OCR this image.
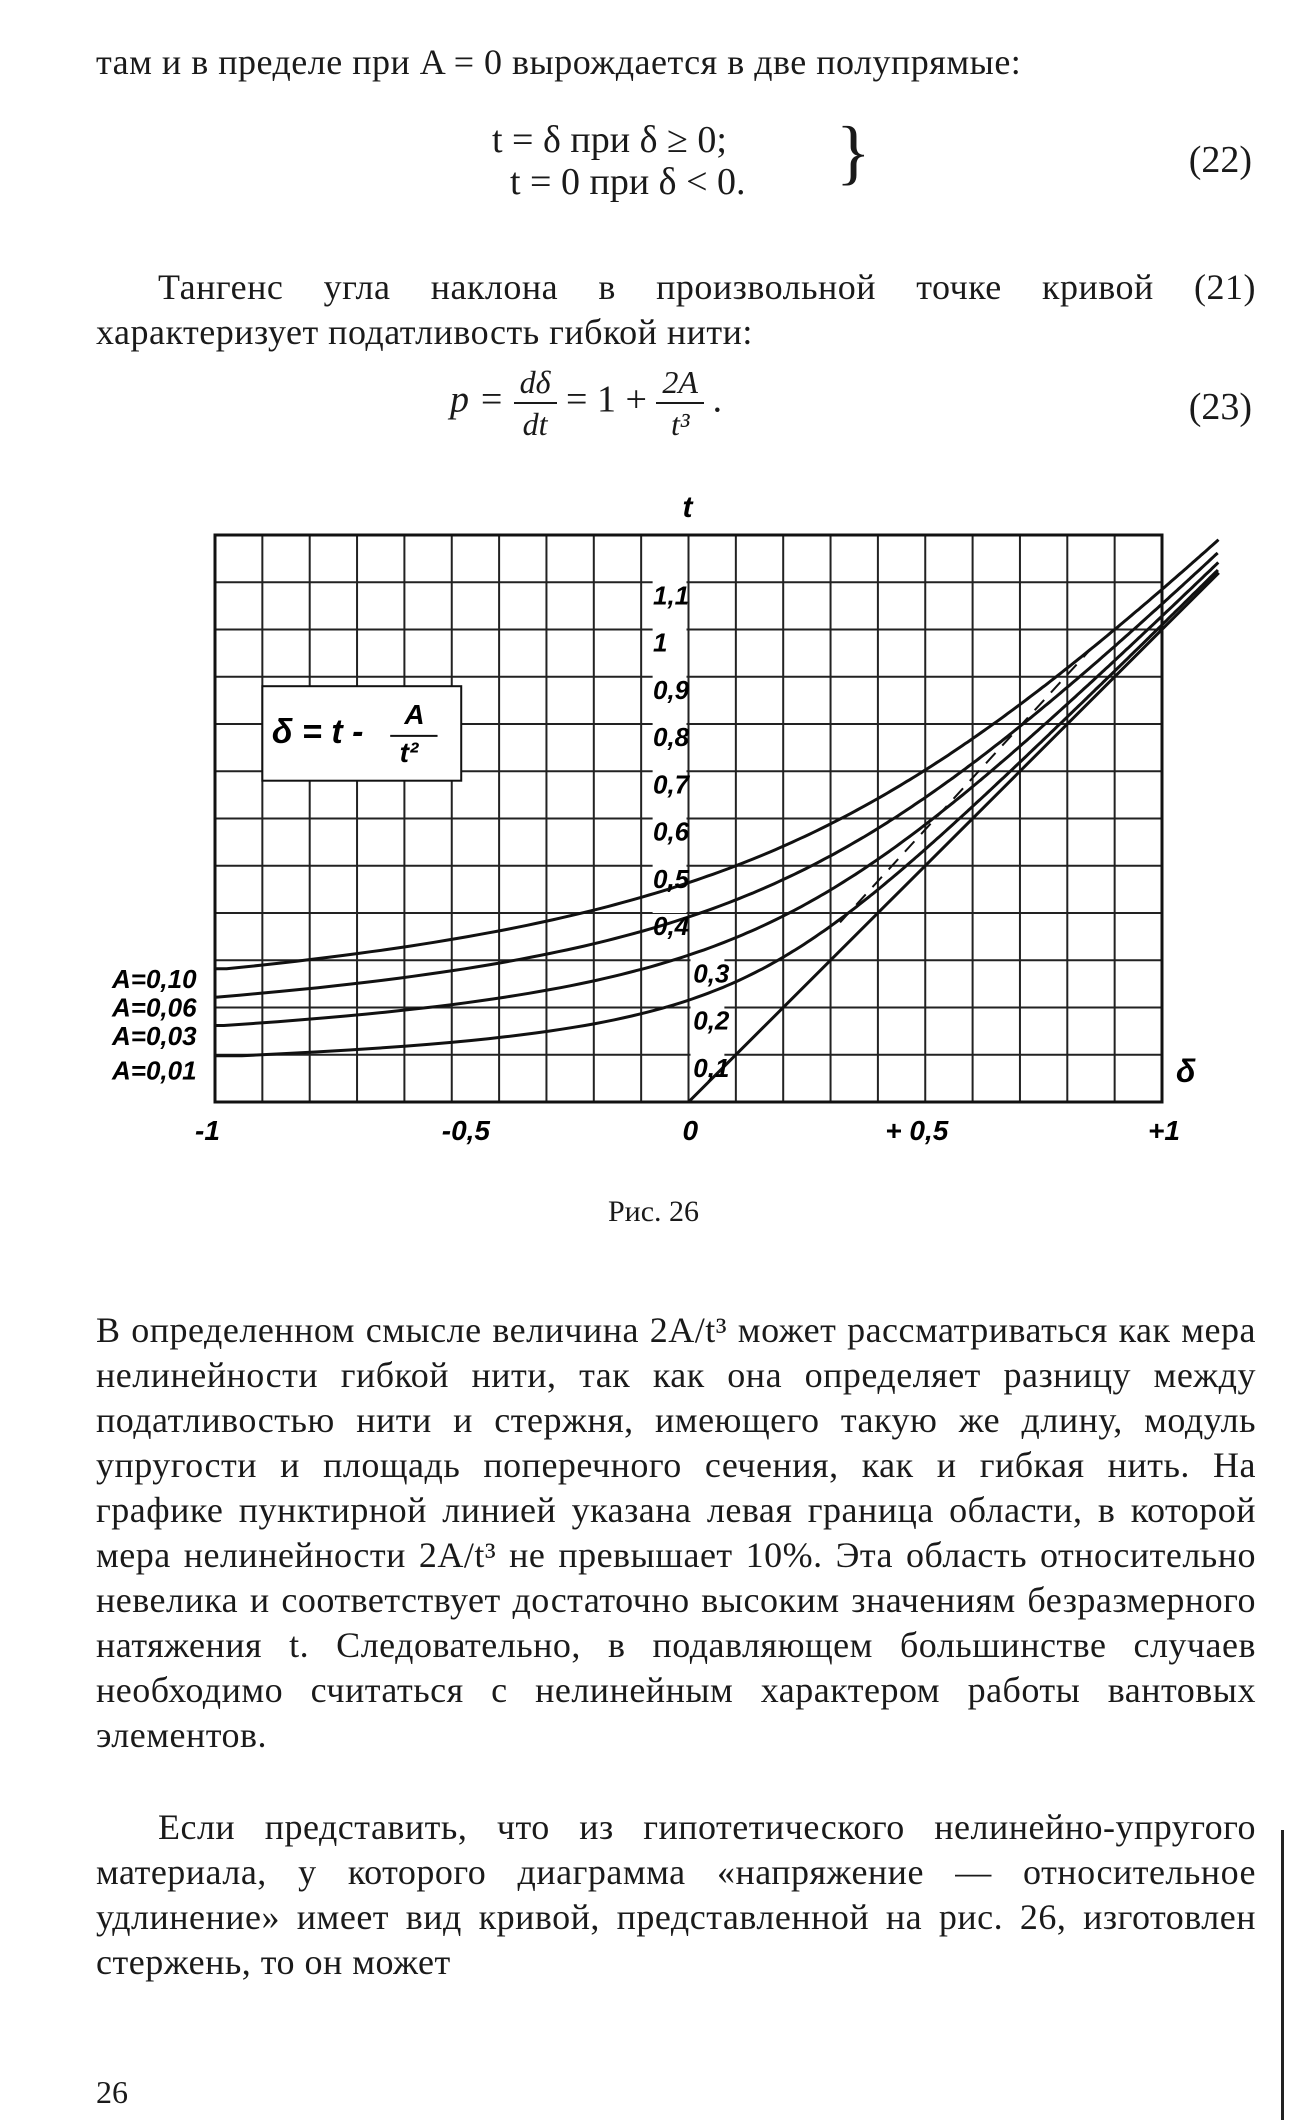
там и в пределе при A = 0 вырождается в две полупрямые:
t = δ при δ ≥ 0;
t = 0 при δ < 0. }	(22)
Тангенс угла наклона в произвольной точке кривой (21) характеризует податливость гибкой нити:
$p = \frac{d\delta}{dt} = 1 + \frac{2A}{\text{t³}}$ .	(23)
δ = t - A
t²
A=0,10
A=0,06
A=0,03
A=0,01	0,1
0,2
0,3
0,4
0,5
0,6
0,7
0,8
0,9
1
1,1
-1	-0,5	0	+ 0,5	+1
t
δ
Рис. 26
В определенном смысле величина 2A/t³ может рассматриваться как мера нелинейности гибкой нити, так как она определяет разницу между податливостью нити и стержня, имеющего такую же длину, модуль упругости и площадь поперечного сечения, как и гибкая нить. На графике пунктирной линией указана левая граница области, в которой мера нелинейности 2A/t³ не превышает 10%. Эта область относительно невелика и соответствует достаточно высоким значениям безразмерного натяжения t. Следовательно, в подавляющем большинстве случаев необходимо считаться с нелинейным характером работы вантовых элементов.
Если представить, что из гипотетического нелинейно-упругого материала, у которого диаграмма «напряжение — относительное удлинение» имеет вид кривой, представленной на рис. 26, изготовлен стержень, то он может
26
